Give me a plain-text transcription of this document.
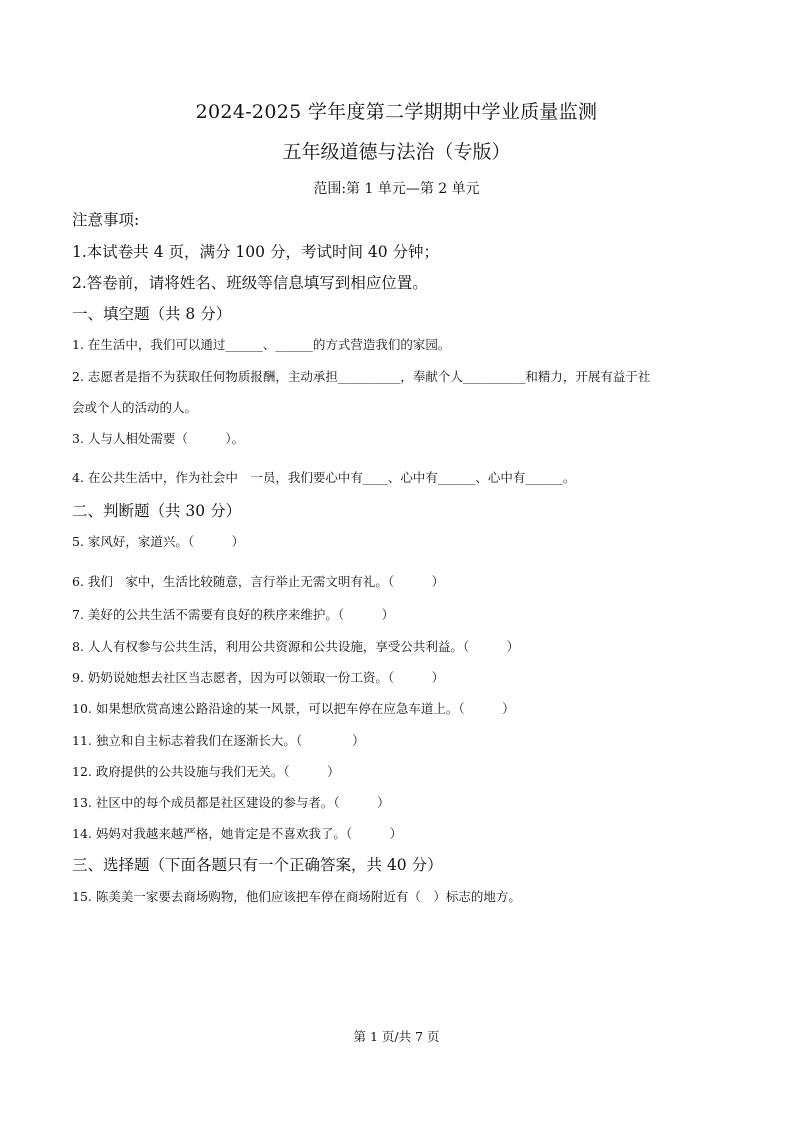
2024-2025 学年度第二学期期中学业质量监测
五年级道德与法治（专版）
范围:第 1 单元—第 2 单元
注意事项:
1.本试卷共 4 页，满分 100 分，考试时间 40 分钟；
2.答卷前，请将姓名、班级等信息填写到相应位置。
一、填空题（共 8 分）
1. 在生活中，我们可以通过______、______的方式营造我们的家园。
2. 志愿者是指不为获取任何物质报酬，主动承担__________，奉献个人__________和精力，开展有益于社
会或个人的活动的人。
3. 人与人相处需要（　　　）。
4. 在公共生活中，作为社会中　一员，我们要心中有____、心中有______、心中有______。
二、判断题（共 30 分）
5. 家风好，家道兴。（　　　）
6. 我们　家中，生活比较随意，言行举止无需文明有礼。（　　　）
7. 美好的公共生活不需要有良好的秩序来维护。（　　　）
8. 人人有权参与公共生活，利用公共资源和公共设施，享受公共利益。（　　　）
9. 奶奶说她想去社区当志愿者，因为可以领取一份工资。（　　　）
10. 如果想欣赏高速公路沿途的某一风景，可以把车停在应急车道上。（　　　）
11. 独立和自主标志着我们在逐渐长大。（　　　　）
12. 政府提供的公共设施与我们无关。（　　　）
13. 社区中的每个成员都是社区建设的参与者。（　　　）
14. 妈妈对我越来越严格，她肯定是不喜欢我了。（　　　）
三、选择题（下面各题只有一个正确答案，共 40 分）
15. 陈美美一家要去商场购物，他们应该把车停在商场附近有（　）标志的地方。
第 1 页/共 7 页
